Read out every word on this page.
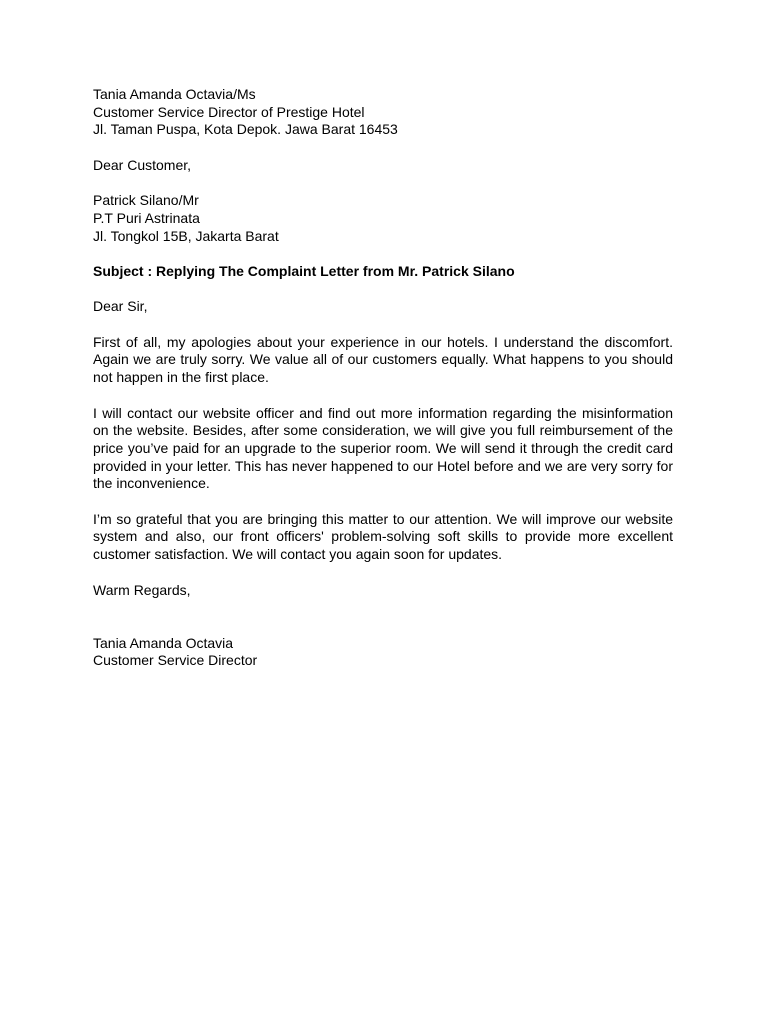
Tania Amanda Octavia/Ms
Customer Service Director of Prestige Hotel
Jl. Taman Puspa, Kota Depok. Jawa Barat 16453
Dear Customer,
Patrick Silano/Mr
P.T Puri Astrinata
Jl. Tongkol 15B, Jakarta Barat
Subject : Replying The Complaint Letter from Mr. Patrick Silano
Dear Sir,

First of all, my apologies about your experience in our hotels. I understand the discomfort. Again we are truly sorry. We value all of our customers equally. What happens to you should not happen in the first place.

I will contact our website officer and find out more information regarding the misinformation on the website. Besides, after some consideration, we will give you full reimbursement of the price you’ve paid for an upgrade to the superior room. We will send it through the credit card provided in your letter. This has never happened to our Hotel before and we are very sorry for the inconvenience.

I’m so grateful that you are bringing this matter to our attention. We will improve our website system and also, our front officers' problem-solving soft skills to provide more excellent customer satisfaction. We will contact you again soon for updates.

Warm Regards,
Tania Amanda Octavia
Customer Service Director
